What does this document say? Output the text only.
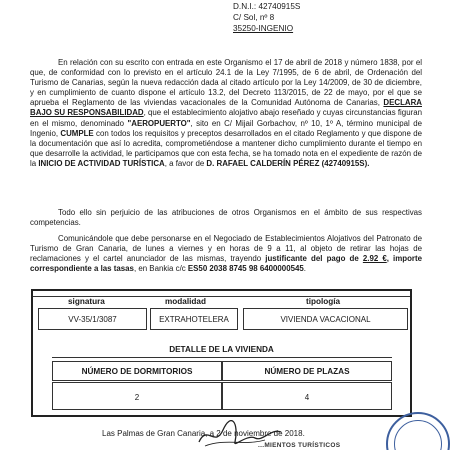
D.N.I.: 42740915S
C/ Sol, nº 8
35250-INGENIO
En relación con su escrito con entrada en este Organismo el 17 de abril de 2018 y número 1838, por el que, de conformidad con lo previsto en el artículo 24.1 de la Ley 7/1995, de 6 de abril, de Ordenación del Turismo de Canarias, según la nueva redacción dada al citado artículo por la Ley 14/2009, de 30 de diciembre, y en cumplimiento de cuanto dispone el artículo 13.2, del Decreto 113/2015, de 22 de mayo, por el que se aprueba el Reglamento de las viviendas vacacionales de la Comunidad Autónoma de Canarias, DECLARA BAJO SU RESPONSABILIDAD, que el establecimiento alojativo abajo reseñado y cuyas circunstancias figuran en el mismo, denominado "AEROPUERTO", sito en C/ Mijail Gorbachov, nº 10, 1º A, término municipal de Ingenio, CUMPLE con todos los requisitos y preceptos desarrollados en el citado Reglamento y que dispone de la documentación que así lo acredita, comprometiéndose a mantener dicho cumplimiento durante el tiempo en que desarrolle la actividad, le participamos que con esta fecha, se ha tomado nota en el expediente de razón de la INICIO DE ACTIVIDAD TURÍSTICA, a favor de D. RAFAEL CALDERÍN PÉREZ (42740915S).
Todo ello sin perjuicio de las atribuciones de otros Organismos en el ámbito de sus respectivas competencias.
Comunicándole que debe personarse en el Negociado de Establecimientos Alojativos del Patronato de Turismo de Gran Canaria, de lunes a viernes y en horas de 9 a 11, al objeto de retirar las hojas de reclamaciones y el cartel anunciador de las mismas, trayendo justificante del pago de 2.92 €, importe correspondiente a las tasas, en Bankia c/c ES50 2038 8745 98 6400000545.
signatura	modalidad	tipología
VV-35/1/3087	EXTRAHOTELERA	VIVIENDA VACACIONAL
DETALLE DE LA VIVIENDA
NÚMERO DE DORMITORIOS	NÚMERO DE PLAZAS
2	4
Las Palmas de Gran Canaria, a 2 de noviembre de 2018.
...MIENTOS TURÍSTICOS
